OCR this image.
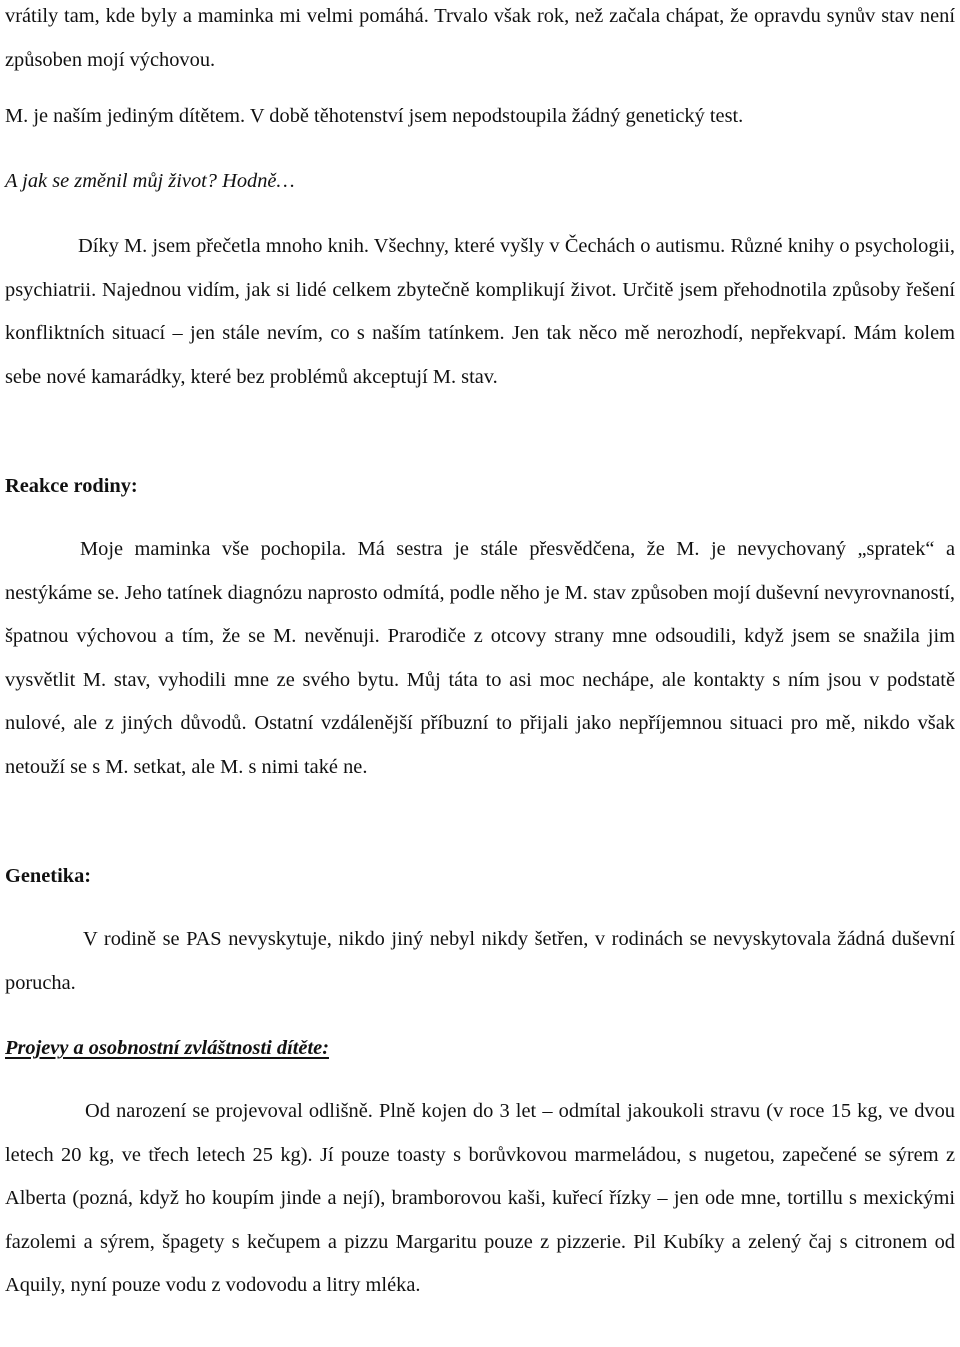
vrátily tam, kde byly a maminka mi velmi pomáhá. Trvalo však rok, než začala chápat, že opravdu synův stav není způsoben mojí výchovou.

M. je naším jediným dítětem. V době těhotenství jsem nepodstoupila žádný genetický test.

A jak se změnil můj život? Hodně…

Díky M. jsem přečetla mnoho knih. Všechny, které vyšly v Čechách o autismu. Různé knihy o psychologii, psychiatrii. Najednou vidím, jak si lidé celkem zbytečně komplikují život. Určitě jsem přehodnotila způsoby řešení konfliktních situací – jen stále nevím, co s naším tatínkem. Jen tak něco mě nerozhodí, nepřekvapí. Mám kolem sebe nové kamarádky, které bez problémů akceptují M. stav.

Reakce rodiny:

Moje maminka vše pochopila. Má sestra je stále přesvědčena, že M. je nevychovaný „spratek“ a nestýkáme se. Jeho tatínek diagnózu naprosto odmítá, podle něho je M. stav způsoben mojí duševní nevyrovnaností, špatnou výchovou a tím, že se M. nevěnuji. Prarodiče z otcovy strany mne odsoudili, když jsem se snažila jim vysvětlit M. stav, vyhodili mne ze svého bytu. Můj táta to asi moc nechápe, ale kontakty s ním jsou v podstatě nulové, ale z jiných důvodů. Ostatní vzdálenější příbuzní to přijali jako nepříjemnou situaci pro mě, nikdo však netouží se s M. setkat, ale M. s nimi také ne.

Genetika:

V rodině se PAS nevyskytuje, nikdo jiný nebyl nikdy šetřen, v rodinách se nevyskytovala žádná duševní porucha.

Projevy a osobnostní zvláštnosti dítěte:

Od narození se projevoval odlišně. Plně kojen do 3 let – odmítal jakoukoli stravu (v roce 15 kg, ve dvou letech 20 kg, ve třech letech 25 kg). Jí pouze toasty s borůvkovou marmeládou, s nugetou, zapečené se sýrem z Alberta (pozná, když ho koupím jinde a nejí), bramborovou kaši, kuřecí řízky – jen ode mne, tortillu s mexickými fazolemi a sýrem, špagety s kečupem a pizzu Margaritu pouze z pizzerie. Pil Kubíky a zelený čaj s citronem od Aquily, nyní pouze vodu z vodovodu a litry mléka.
